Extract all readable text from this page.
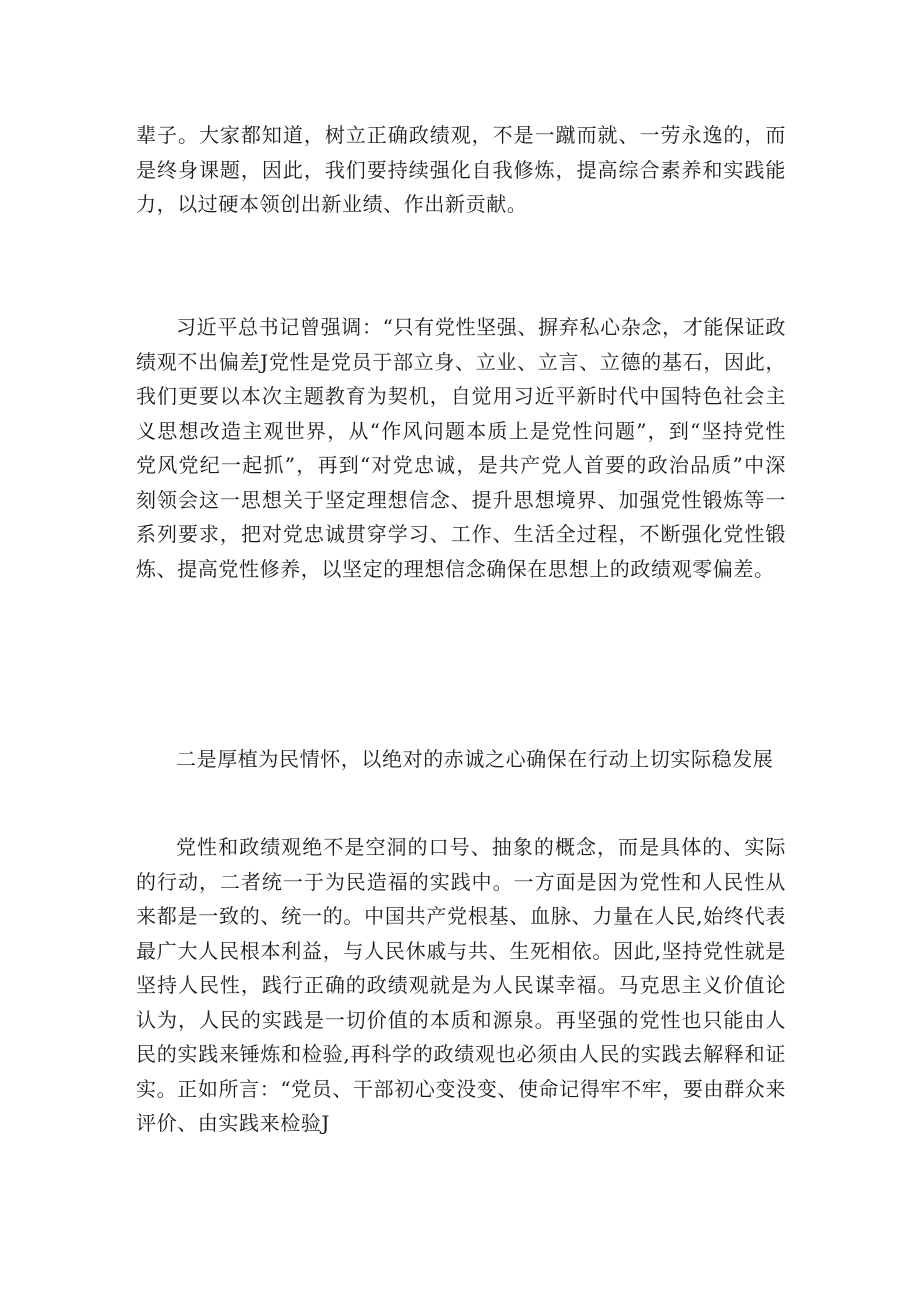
辈子。大家都知道，树立正确政绩观，不是一蹴而就、一劳永逸的，而是终身课题，因此，我们要持续强化自我修炼，提高综合素养和实践能力，以过硬本领创出新业绩、作出新贡献。

习近平总书记曾强调：“只有党性坚强、摒弃私心杂念，才能保证政绩观不出偏差J党性是党员于部立身、立业、立言、立德的基石，因此，我们更要以本次主题教育为契机，自觉用习近平新时代中国特色社会主义思想改造主观世界，从“作风问题本质上是党性问题”，到“坚持党性党风党纪一起抓”，再到“对党忠诚，是共产党人首要的政治品质”中深刻领会这一思想关于坚定理想信念、提升思想境界、加强党性锻炼等一系列要求，把对党忠诚贯穿学习、工作、生活全过程，不断强化党性锻炼、提高党性修养，以坚定的理想信念确保在思想上的政绩观零偏差。

二是厚植为民情怀，以绝对的赤诚之心确保在行动上切实际稳发展

党性和政绩观绝不是空洞的口号、抽象的概念，而是具体的、实际的行动，二者统一于为民造福的实践中。一方面是因为党性和人民性从来都是一致的、统一的。中国共产党根基、血脉、力量在人民,始终代表最广大人民根本利益，与人民休戚与共、生死相依。因此,坚持党性就是坚持人民性，践行正确的政绩观就是为人民谋幸福。马克思主义价值论认为，人民的实践是一切价值的本质和源泉。再坚强的党性也只能由人民的实践来锤炼和检验,再科学的政绩观也必须由人民的实践去解释和证实。正如所言：“党员、干部初心变没变、使命记得牢不牢，要由群众来评价、由实践来检验J
